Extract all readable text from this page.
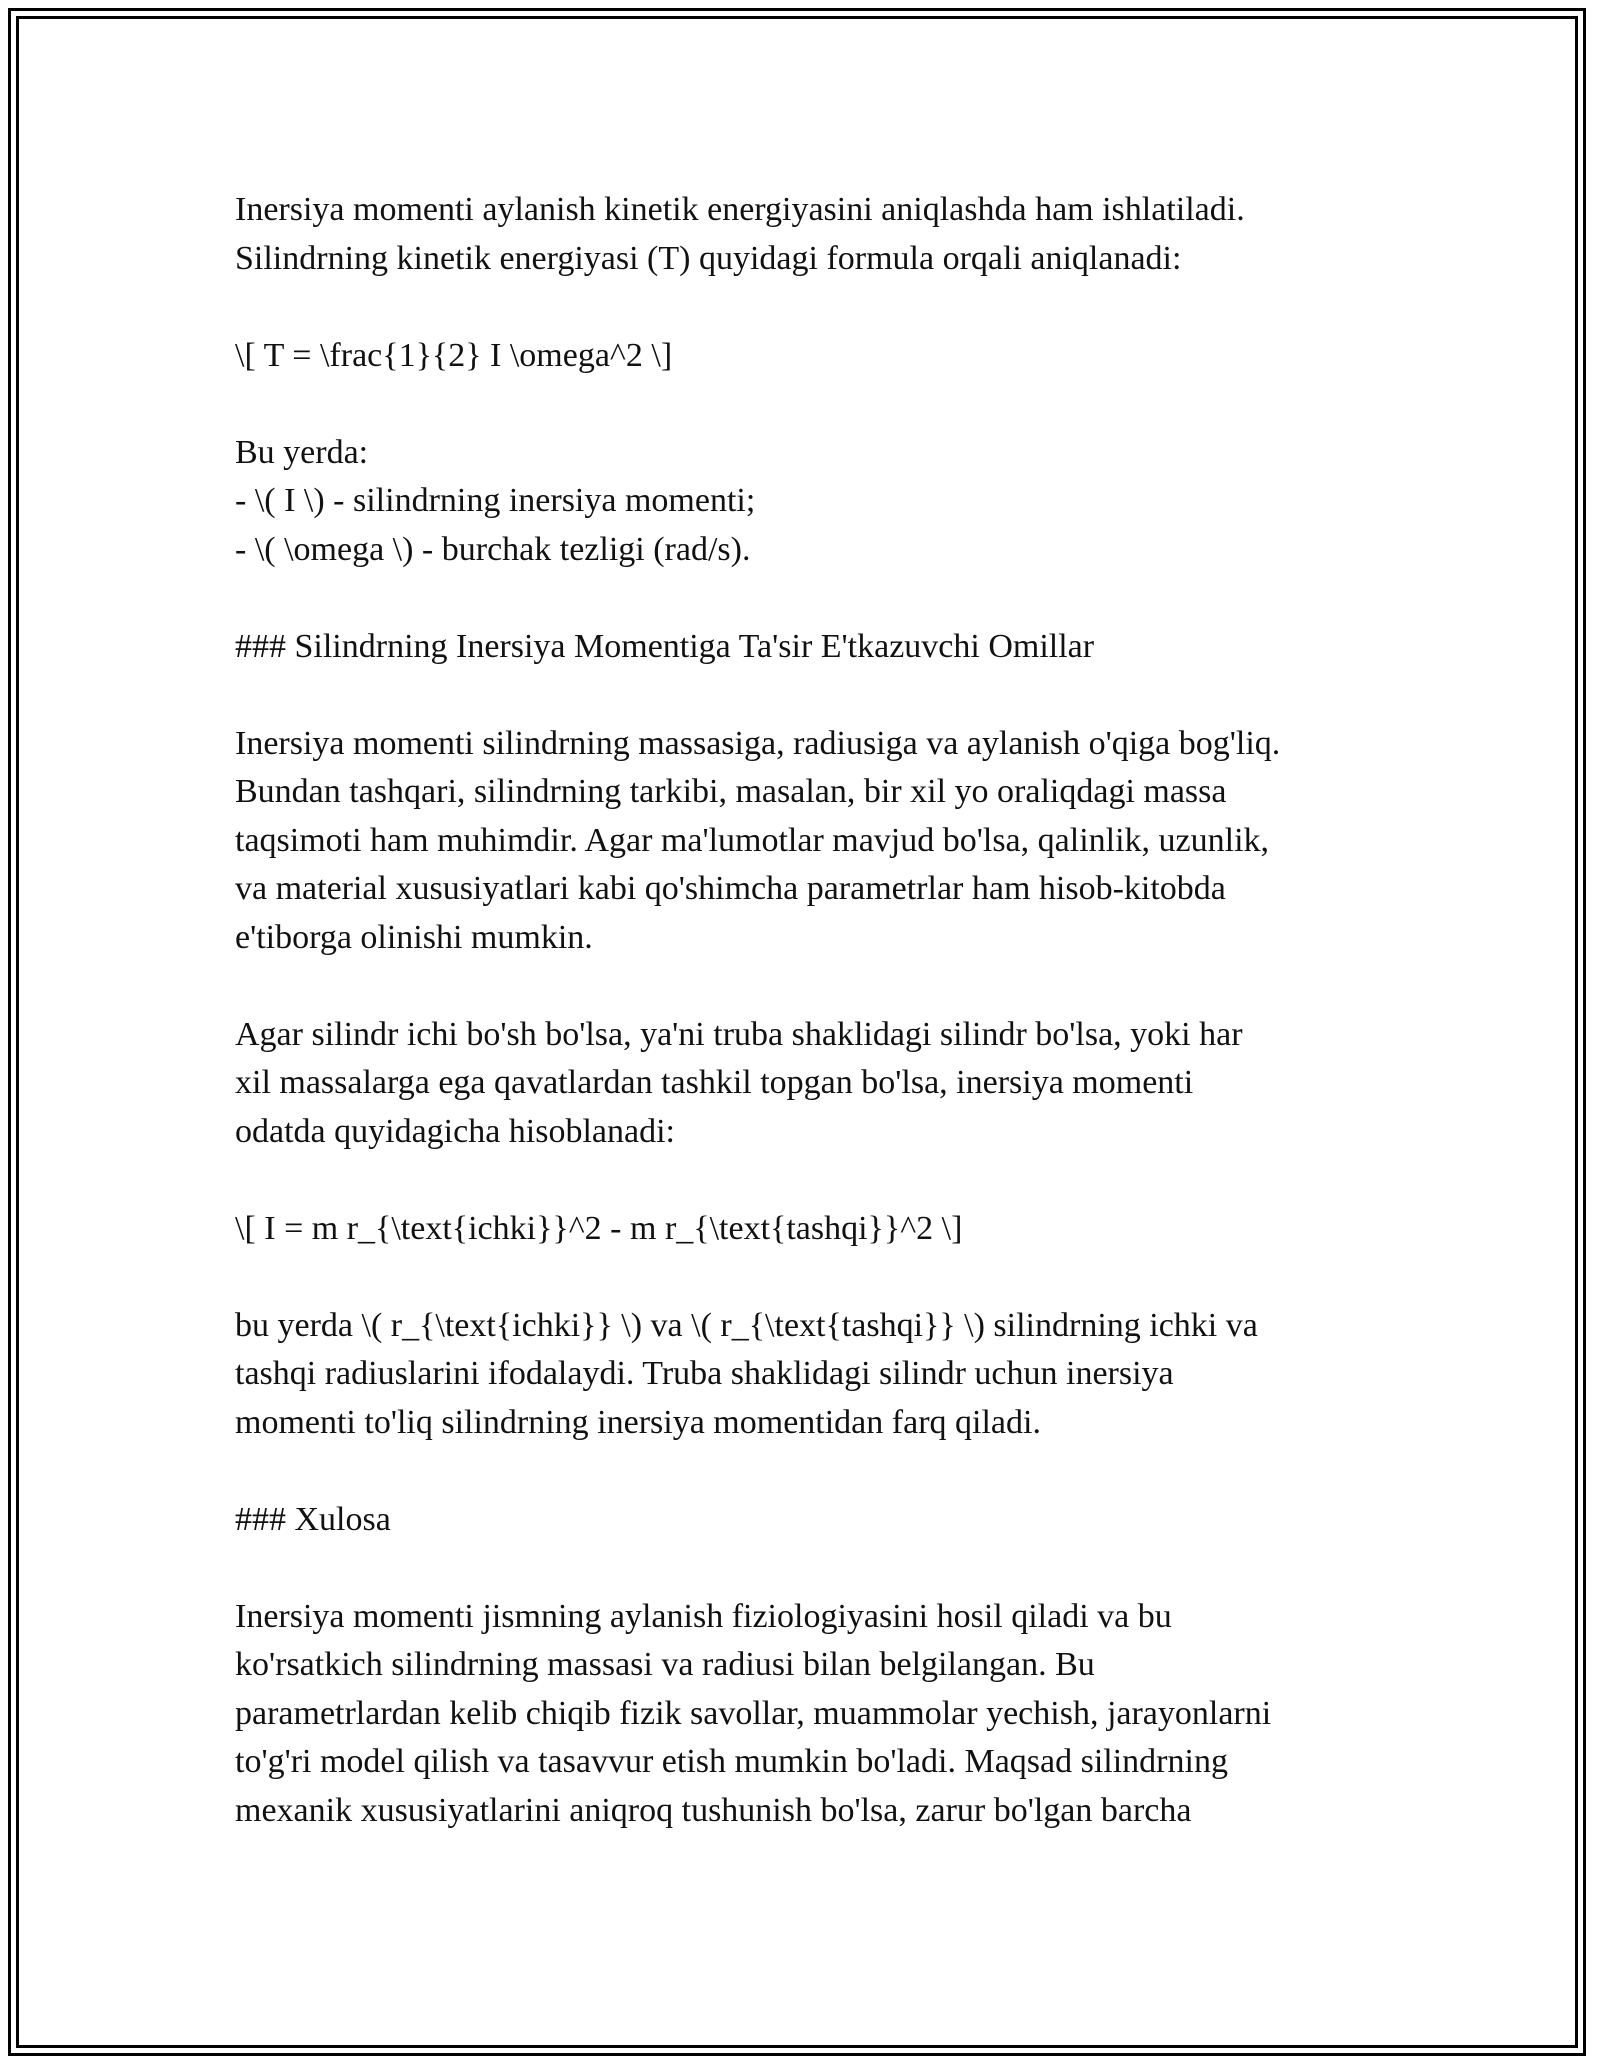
Inersiya momenti aylanish kinetik energiyasini aniqlashda ham ishlatiladi.
Silindrning kinetik energiyasi (T) quyidagi formula orqali aniqlanadi:

\[ T = \frac{1}{2} I \omega^2 \]

Bu yerda:
- \( I \) - silindrning inersiya momenti;
- \( \omega \) - burchak tezligi (rad/s).

### Silindrning Inersiya Momentiga Ta'sir E'tkazuvchi Omillar

Inersiya momenti silindrning massasiga, radiusiga va aylanish o'qiga bog'liq.
Bundan tashqari, silindrning tarkibi, masalan, bir xil yo oraliqdagi massa
taqsimoti ham muhimdir. Agar ma'lumotlar mavjud bo'lsa, qalinlik, uzunlik,
va material xususiyatlari kabi qo'shimcha parametrlar ham hisob-kitobda
e'tiborga olinishi mumkin.

Agar silindr ichi bo'sh bo'lsa, ya'ni truba shaklidagi silindr bo'lsa, yoki har
xil massalarga ega qavatlardan tashkil topgan bo'lsa, inersiya momenti
odatda quyidagicha hisoblanadi:

\[ I = m r_{\text{ichki}}^2 - m r_{\text{tashqi}}^2 \]

bu yerda \( r_{\text{ichki}} \) va \( r_{\text{tashqi}} \) silindrning ichki va
tashqi radiuslarini ifodalaydi. Truba shaklidagi silindr uchun inersiya
momenti to'liq silindrning inersiya momentidan farq qiladi.

### Xulosa

Inersiya momenti jismning aylanish fiziologiyasini hosil qiladi va bu
ko'rsatkich silindrning massasi va radiusi bilan belgilangan. Bu
parametrlardan kelib chiqib fizik savollar, muammolar yechish, jarayonlarni
to'g'ri model qilish va tasavvur etish mumkin bo'ladi. Maqsad silindrning
mexanik xususiyatlarini aniqroq tushunish bo'lsa, zarur bo'lgan barcha
